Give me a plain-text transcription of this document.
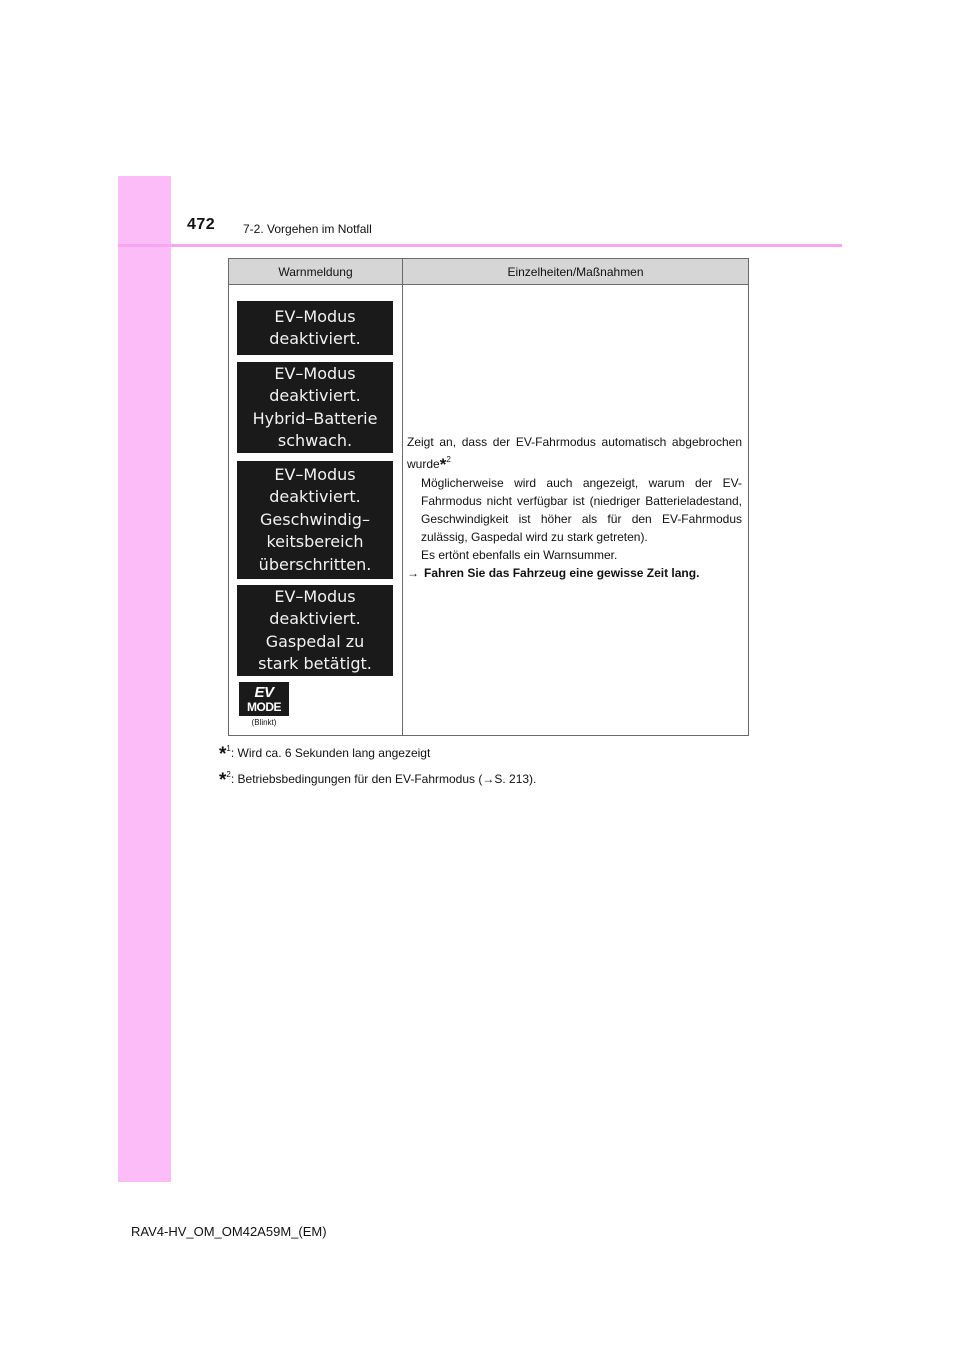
472 7-2. Vorgehen im Notfall
Warnmeldung	Einzelheiten/Maßnahmen
EV–Modus
deaktiviert.
EV–Modus
deaktiviert.
Hybrid–Batterie
schwach.
EV–Modus
deaktiviert.
Geschwindig–
keitsbereich
überschritten.
EV–Modus
deaktiviert.
Gaspedal zu
stark betätigt.
EV
MODE
(Blinkt)

Zeigt an, dass der EV-Fahrmodus automatisch abgebrochen wurde*$^2$

Möglicherweise wird auch angezeigt, warum der EV-Fahrmodus nicht verfügbar ist (niedriger Batterieladestand, Geschwindigkeit ist höher als für den EV-Fahrmodus zulässig, Gaspedal wird zu stark getreten).

Es ertönt ebenfalls ein Warnsummer.

→ Fahren Sie das Fahrzeug eine gewisse Zeit lang.

*$^1$: Wird ca. 6 Sekunden lang angezeigt
*$^2$: Betriebsbedingungen für den EV-Fahrmodus (→S. 213).
RAV4-HV_OM_OM42A59M_(EM)
